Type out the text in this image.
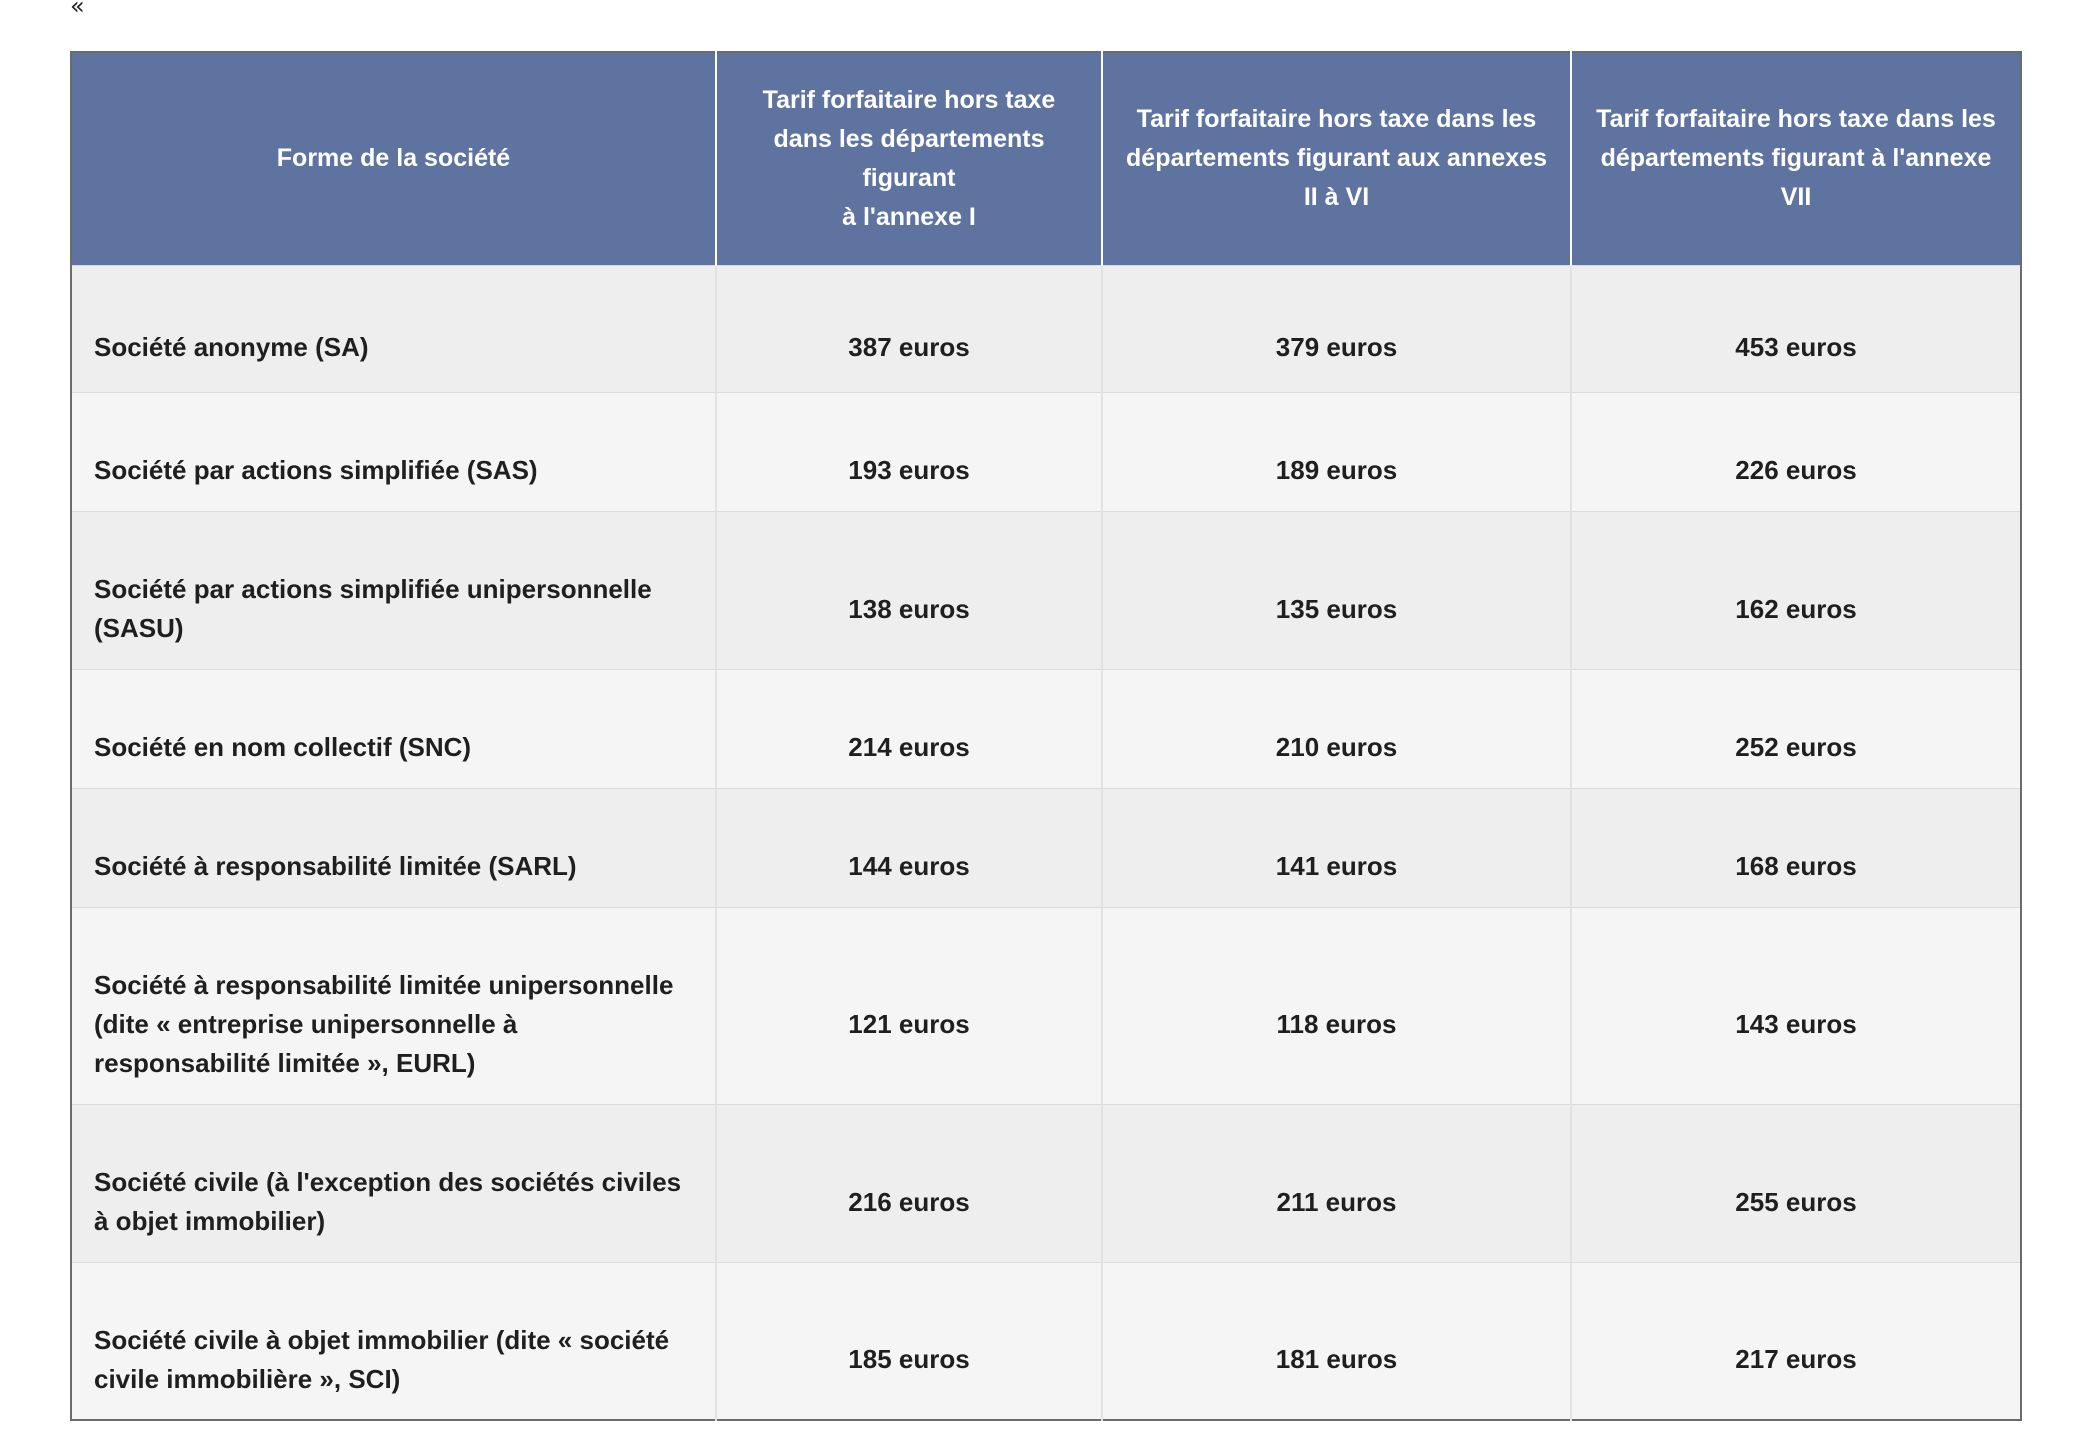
«
Forme de la société	Tarif forfaitaire hors taxe dans les départements figurant
à l'annexe I	Tarif forfaitaire hors taxe dans les départements figurant aux annexes II à VI	Tarif forfaitaire hors taxe dans les départements figurant à l'annexe VII
Société anonyme (SA)	387 euros	379 euros	453 euros
Société par actions simplifiée (SAS)	193 euros	189 euros	226 euros
Société par actions simplifiée unipersonnelle (SASU)	138 euros	135 euros	162 euros
Société en nom collectif (SNC)	214 euros	210 euros	252 euros
Société à responsabilité limitée (SARL)	144 euros	141 euros	168 euros
Société à responsabilité limitée unipersonnelle (dite « entreprise unipersonnelle à responsabilité limitée », EURL)	121 euros	118 euros	143 euros
Société civile (à l'exception des sociétés civiles à objet immobilier)	216 euros	211 euros	255 euros
Société civile à objet immobilier (dite « société civile immobilière », SCI)	185 euros	181 euros	217 euros
